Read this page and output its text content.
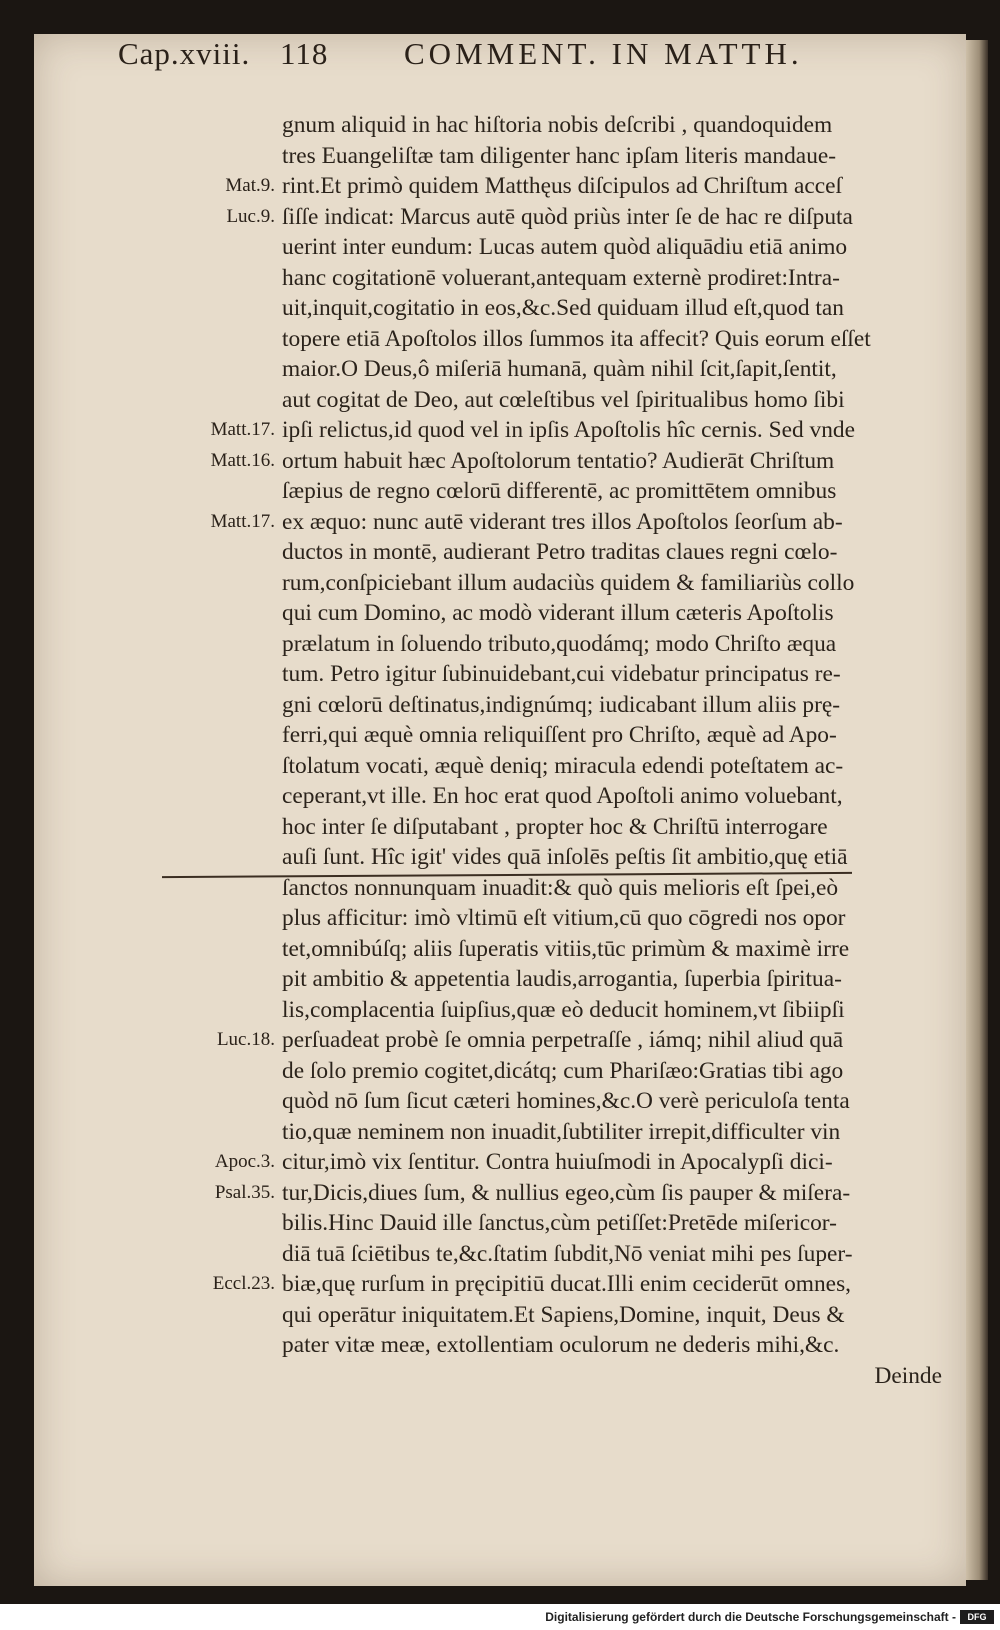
Cap.xviii. 118 COMMENT. IN MATTH.
Mat.9.
Luc.9.
Matt.17.
Matt.16.
Matt.17.
Luc.18.
Apoc.3.
Psal.35.
Eccl.23.
gnum aliquid in hac hiſtoria nobis deſcribi , quandoquidem
tres Euangeliſtæ tam diligenter hanc ipſam literis mandaue-
rint.Et primò quidem Matthęus diſcipulos ad Chriſtum acceſ
ſiſſe indicat: Marcus autē quòd priùs inter ſe de hac re diſputa
uerint inter eundum: Lucas autem quòd aliquādiu etiā animo
hanc cogitationē voluerant,antequam externè prodiret:Intra-
uit,inquit,cogitatio in eos,&c.Sed quiduam illud eſt,quod tan
topere etiā Apoſtolos illos ſummos ita affecit? Quis eorum eſſet
maior.O Deus,ô miſeriā humanā, quàm nihil ſcit,ſapit,ſentit,
aut cogitat de Deo, aut cœleſtibus vel ſpiritualibus homo ſibi
ipſi relictus,id quod vel in ipſis Apoſtolis hîc cernis. Sed vnde
ortum habuit hæc Apoſtolorum tentatio? Audierāt Chriſtum
ſæpius de regno cœlorū differentē, ac promittētem omnibus
ex æquo: nunc autē viderant tres illos Apoſtolos ſeorſum ab-
ductos in montē, audierant Petro traditas claues regni cœlo-
rum,conſpiciebant illum audaciùs quidem & familiariùs collo
qui cum Domino, ac modò viderant illum cæteris Apoſtolis
prælatum in ſoluendo tributo,quodámq; modo Chriſto æqua
tum. Petro igitur ſubinuidebant,cui videbatur principatus re-
gni cœlorū deſtinatus,indignúmq; iudicabant illum aliis prę-
ferri,qui æquè omnia reliquiſſent pro Chriſto, æquè ad Apo-
ſtolatum vocati, æquè deniq; miracula edendi poteſtatem ac-
ceperant,vt ille. En hoc erat quod Apoſtoli animo voluebant,
hoc inter ſe diſputabant , propter hoc & Chriſtū interrogare
auſi ſunt. Hîc igit' vides quā inſolēs peſtis ſit ambitio,quę etiā
ſanctos nonnunquam inuadit:& quò quis melioris eſt ſpei,eò
plus afficitur: imò vltimū eſt vitium,cū quo cōgredi nos opor
tet,omnibúſq; aliis ſuperatis vitiis,tūc primùm & maximè irre
pit ambitio & appetentia laudis,arrogantia, ſuperbia ſpiritua-
lis,complacentia ſuipſius,quæ eò deducit hominem,vt ſibiipſi
perſuadeat probè ſe omnia perpetraſſe , iámq; nihil aliud quā
de ſolo premio cogitet,dicátq; cum Phariſæo:Gratias tibi ago
quòd nō ſum ſicut cæteri homines,&c.O verè periculoſa tenta
tio,quæ neminem non inuadit,ſubtiliter irrepit,difficulter vin
citur,imò vix ſentitur. Contra huiuſmodi in Apocalypſi dici-
tur,Dicis,diues ſum, & nullius egeo,cùm ſis pauper & miſera-
bilis.Hinc Dauid ille ſanctus,cùm petiſſet:Pretēde miſericor-
diā tuā ſciētibus te,&c.ſtatim ſubdit,Nō veniat mihi pes ſuper-
biæ,quę rurſum in pręcipitiū ducat.Illi enim ceciderūt omnes,
qui operātur iniquitatem.Et Sapiens,Domine, inquit, Deus &
pater vitæ meæ, extollentiam oculorum ne dederis mihi,&c.
Deinde
Digitalisierung gefördert durch die Deutsche Forschungsgemeinschaft -	DFG
